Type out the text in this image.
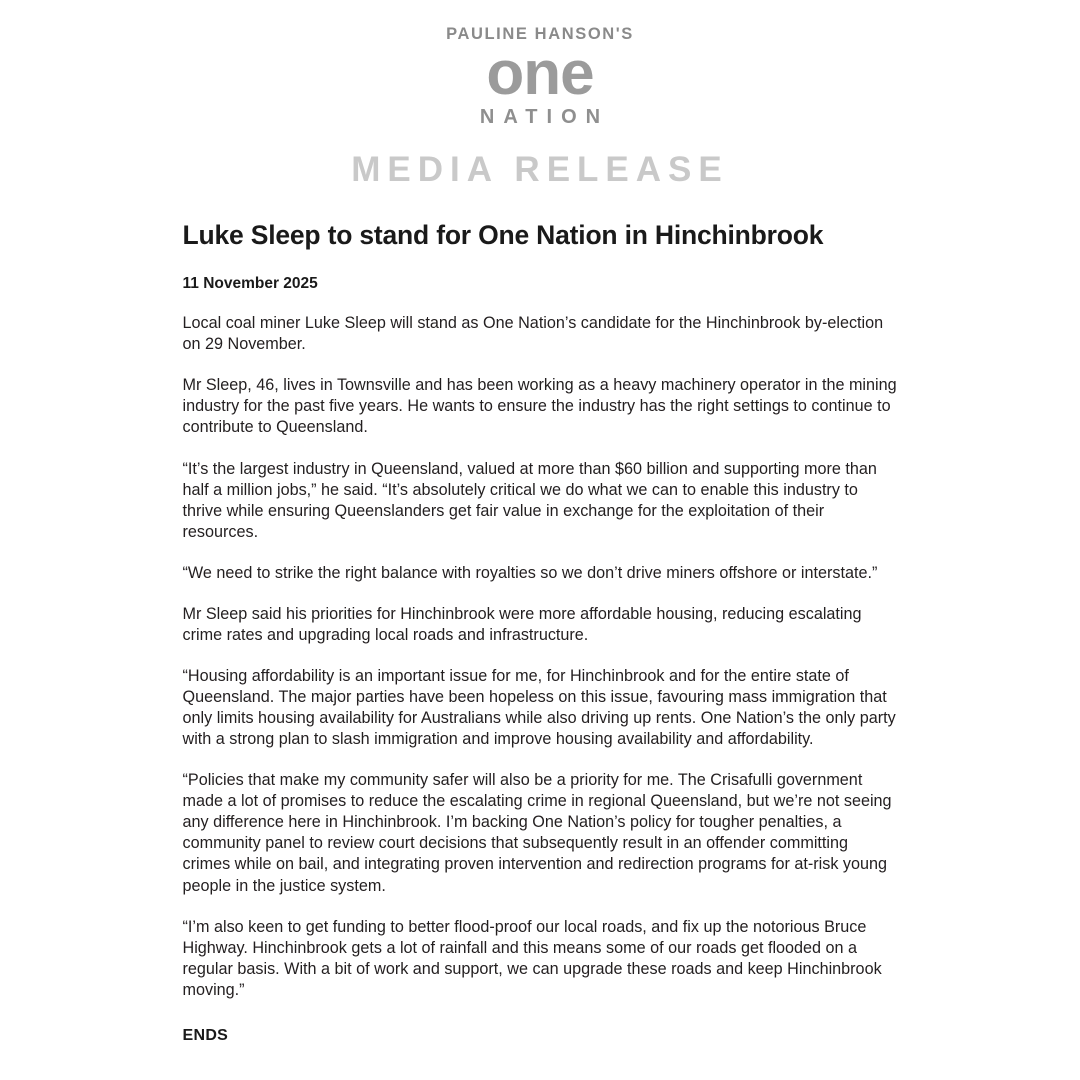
PAULINE HANSON'S
one
NATION
MEDIA RELEASE
Luke Sleep to stand for One Nation in Hinchinbrook
11 November 2025

Local coal miner Luke Sleep will stand as One Nation’s candidate for the Hinchinbrook by-election on 29 November.

Mr Sleep, 46, lives in Townsville and has been working as a heavy machinery operator in the mining industry for the past five years. He wants to ensure the industry has the right settings to continue to contribute to Queensland.

“It’s the largest industry in Queensland, valued at more than $60 billion and supporting more than half a million jobs,” he said. “It’s absolutely critical we do what we can to enable this industry to thrive while ensuring Queenslanders get fair value in exchange for the exploitation of their resources.

“We need to strike the right balance with royalties so we don’t drive miners offshore or interstate.”

Mr Sleep said his priorities for Hinchinbrook were more affordable housing, reducing escalating crime rates and upgrading local roads and infrastructure.

“Housing affordability is an important issue for me, for Hinchinbrook and for the entire state of Queensland. The major parties have been hopeless on this issue, favouring mass immigration that only limits housing availability for Australians while also driving up rents. One Nation’s the only party with a strong plan to slash immigration and improve housing availability and affordability.

“Policies that make my community safer will also be a priority for me. The Crisafulli government made a lot of promises to reduce the escalating crime in regional Queensland, but we’re not seeing any difference here in Hinchinbrook. I’m backing One Nation’s policy for tougher penalties, a community panel to review court decisions that subsequently result in an offender committing crimes while on bail, and integrating proven intervention and redirection programs for at-risk young people in the justice system.

“I’m also keen to get funding to better flood-proof our local roads, and fix up the notorious Bruce Highway. Hinchinbrook gets a lot of rainfall and this means some of our roads get flooded on a regular basis. With a bit of work and support, we can upgrade these roads and keep Hinchinbrook moving.”

ENDS
